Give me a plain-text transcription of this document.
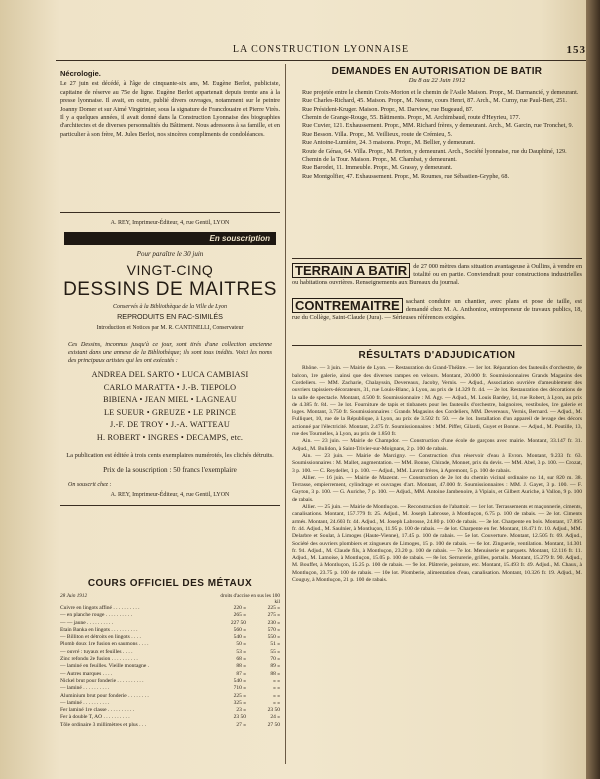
LA CONSTRUCTION LYONNAISE	153
Nécrologie.

Le 27 juin est décédé, à l'âge de cinquante-six ans, M. Eugène Berlot, publiciste, capitaine de réserve au 75e de ligne. Eugène Berlot appartenait depuis trente ans à la presse lyonnaise. Il avait, en outre, publié divers ouvrages, notamment sur le peintre Joanny Domer et sur Aimé Vingtrinier, sous la signature de Francdouaire et Pierre Virès. Il y a quelques années, il avait donné dans la Construction Lyonnaise des biographies d'architectes et de diverses personnalités du Bâtiment. Nous adressons à sa famille, et en particulier à son frère, M. Jules Berlot, nos sincères compliments de condoléances.

A. REY, Imprimeur-Éditeur, 4, rue Gentil, LYON
En souscription
Pour paraître le 30 juin
VINGT-CINQ
DESSINS DE MAITRES
Conservés à la Bibliothèque de la Ville de Lyon
REPRODUITS EN FAC-SIMILÉS
Introduction et Notices par M. R. CANTINELLI, Conservateur
Ces Dessins, inconnus jusqu'à ce jour, sont tirés d'une collection ancienne existant dans une annexe de la Bibliothèque; ils sont tous inédits. Voici les noms des principaux artistes qui les ont exécutés :
ANDREA DEL SARTO • LUCA CAMBIASI
CARLO MARATTA • J.-B. TIEPOLO
BIBIENA • JEAN MIEL • LAGNEAU
LE SUEUR • GREUZE • LE PRINCE
J.-F. DE TROY • J.-A. WATTEAU
H. ROBERT • INGRES • DECAMPS, etc.
La publication est éditée à trois cents exemplaires numérotés, les clichés détruits.
Prix de la souscription : 50 francs l'exemplaire
On souscrit chez :
A. REY, Imprimeur-Éditeur, 4, rue Gentil, LYON
COURS OFFICIEL DES MÉTAUX
28 Juin 1912	droits d'accise en sus les 100 kil
Cuivre en lingots affiné . . . . . . . . . .	220 »	225 »
— en planche rouge . . . . . . . . . .	265 »	275 »
— — jaune . . . . . . . . . .	227 50	230 »
Etain Banka en lingots . . . . . . . . . .	560 »	570 »
— Billiton et détroits en lingots . . . .	540 »	550 »
Plomb doux 1re fusion en saumons . . . .	50 »	51 »
— ouvré : tuyaux et feuilles . . . .	53 »	55 »
Zinc refondu 2e fusion . . . . . . . . . .	68 »	70 »
— laminé en feuilles. Vieille montagne .	88 »	89 »
— Autres marques . . . .	87 »	88 »
Nickel brut pour fonderie . . . . . . . . . .	540 »	» »
— laminé . . . . . . . . . .	710 »	» »
Aluminium brut pour fonderie . . . . . . . .	225 »	» »
— laminé . . . . . . . . . .	325 »	» »
Fer laminé 1re classe . . . . . . . . . .	23 »	23 50
Fer à double T, AO . . . . . . . . . .	23 50	24 »
Tôle ordinaire 3 millimètres et plus . . .	27 »	27 50
DEMANDES EN AUTORISATION DE BATIR
Du 8 au 22 Juin 1912

Rue projetée entre le chemin Croix-Morion et le chemin de l'Asile Maison. Propr., M. Darmancié, y demeurant.

Rue Charles-Richard, 45. Maison. Propr., M. Nesme, cours Henri, 87. Arch., M. Curny, rue Paul-Bert, 251.

Rue Président-Kruger. Maison. Propr., M. Darview, rue Bugeaud, 87.

Chemin de Grange-Rouge, 55. Bâtiments. Propr., M. Archimbaud, route d'Heyrieu, 177.

Rue Cuvier, 121. Exhaussement. Propr., MM. Richard frères, y demeurant. Arch., M. Garcin, rue Tronchet, 9.

Rue Besson. Villa. Propr., M. Veillieux, route de Crémieu, 5.

Rue Antoine-Lumière, 24. 3 maisons. Propr., M. Bellier, y demeurant.

Route de Génas, 64. Villa. Propr., M. Perton, y demeurant. Arch., Société lyonnaise, rue du Dauphiné, 129.

Chemin de la Tour. Maison. Propr., M. Chambat, y demeurant.

Rue Barodet, 11. Immeuble. Propr., M. Grassy, y demeurant.

Rue Montgolfier, 47. Exhaussement. Propr., M. Roumes, rue Sébastien-Gryphe, 68.

TERRAIN A BATIR de 27 000 mètres dans situation avantageuse à Oullins, à vendre en totalité ou en partie. Conviendrait pour constructions industrielles ou habitations ouvrières. Renseignements aux Bureaux du journal.
CONTREMAITRE sachant conduire un chantier, avec plans et pose de taille, est demandé chez M. A. Anthonioz, entrepreneur de travaux publics, 18, rue du Collège, Saint-Claude (Jura). — Sérieuses références exigées.
RÉSULTATS D'ADJUDICATION

Rhône. — 3 juin. — Mairie de Lyon. — Restauration du Grand-Théâtre. — 1er lot. Réparation des fauteuils d'orchestre, de balcon, 1re galerie, ainsi que des diverses rampes en velours. Montant, 20.000 fr. Soumissionnaires Grands Magasins des Cordeliers. — MM. Zacharie, Chalayssin, Devereaux, Jacoby, Vernis. — Adjud., Association ouvrière d'ameublement des ouvriers tapissiers-décorateurs, 31, rue Louis-Blanc, à Lyon, au prix de 14.329 fr. 44. — 2e lot. Restauration des décorations de la salle de spectacle. Montant, 4.500 fr. Soumissionnaire : M. Agy. — Adjud., M. Louis Bardey, 14, rue Robert, à Lyon, au prix de 4.385 fr. 84. — 3e lot. Fourniture de tapis et tinbanets pour les fauteuils d'orchestre, baignoires, vestibules, 1re galerie et loges. Montant, 3.750 fr. Soumissionnaires : Grands Magasins des Cordeliers, MM. Devereaux, Vernis, Bernard. — Adjud., M. Fulliquet, 10, rue de la République, à Lyon, au prix de 3.502 fr. 50. — 4e lot. Installation d'un appareil de levage des décors actionné par l'électricité. Montant, 2.475 fr. Soumissionnaires : MM. Piffer, Gilardi, Guyet et Bonne. — Adjud., M. Poutille, 13, rue des Tournelles, à Lyon, au prix de 1.850 fr.

Ain. — 23 juin. — Mairie de Champdor. — Construction d'une école de garçons avec mairie. Montant, 33.147 fr. 31. Adjud., M. Bulidon, à Saint-Trivier-sur-Moignans, 2 p. 100 de rabais.

Ain. — 23 juin. — Mairie de Marcigny. — Construction d'un réservoir d'eau à Evron. Montant, 9.233 fr. 63. Soumissionnaires : M. Mallet, augmentation. — MM. Bonne, Chirade, Monnet, prix du devis. — MM. Abel, 3 p. 100. — Crozat, 3 p. 100. — C. Reydellet, 1 p. 100. — Adjud., MM. Lavrat frères, à Apremont, 5 p. 100 de rabais.

Allier. — 16 juin. — Mairie de Mazerat. — Construction de 2e lot du chemin vicinal ordinaire no 14, sur 820 m. 38. Terrasse, empierrement, cylindrage et ouvrages d'art. Montant, 47.000 fr. Soumissionnaires : MM. J. Gayet, 3 p. 100. — F. Gayton, 3 p. 100. — G. Auriche, 7 p. 100. — Adjud., MM. Antoine Jambenoire, à Vipiaix, et Gilbert Auriche, à Vallon, 9 p. 100 de rabais.

Allier. — 25 juin. — Mairie de Montluçon. — Reconstruction de l'abattoir. — 1er lot. Terrassements et maçonnerie, ciments, canalisations. Montant, 157.779 fr. 25. Adjud., M. Joseph Labrosse, à Montluçon, 6.75 p. 100 de rabais. — 2e lot. Ciments armés. Montant, 24.603 fr. 44. Adjud., M. Joseph Labrosse, 24.80 p. 100 de rabais. — 3e lot. Charpente en bois. Montant, 17.895 fr. 44. Adjud., M. Saulnier, à Montluçon, 11.95 p. 100 de rabais. — 4e lot. Charpente en fer. Montant, 18.471 fr. 10. Adjud., MM. Delarbre et Soulat, à Limoges (Haute-Vienne), 17.45 p. 100 de rabais. — 5e lot. Couverture. Montant, 12.505 fr. 69. Adjud., Société des ouvriers plombiers et zingueurs de Limoges, 15 p. 100 de rabais. — 6e lot. Zinguerie, ventilation. Montant, 14.301 fr. 94. Adjud., M. Claude fils, à Montluçon, 23.20 p. 100 de rabais. — 7e lot. Menuiserie et parquets. Montant, 12.116 fr. 11. Adjud., M. Lamoise, à Montluçon, 15.05 p. 100 de rabais. — 8e lot. Serrurerie, grilles, portails. Montant, 15.279 fr. 90. Adjud., M. Bouffet, à Montluçon, 15.25 p. 100 de rabais. — 9e lot. Plâtrerie, peinture, etc. Montant, 15.493 fr. 49. Adjud., M. Chaux, à Montluçon, 23.75 p. 100 de rabais. — 10e lot. Plomberie, alimentation d'eau, canalisation. Montant, 10.326 fr. 19. Adjud., M. Couguy, à Montluçon, 21 p. 100 de rabais.
